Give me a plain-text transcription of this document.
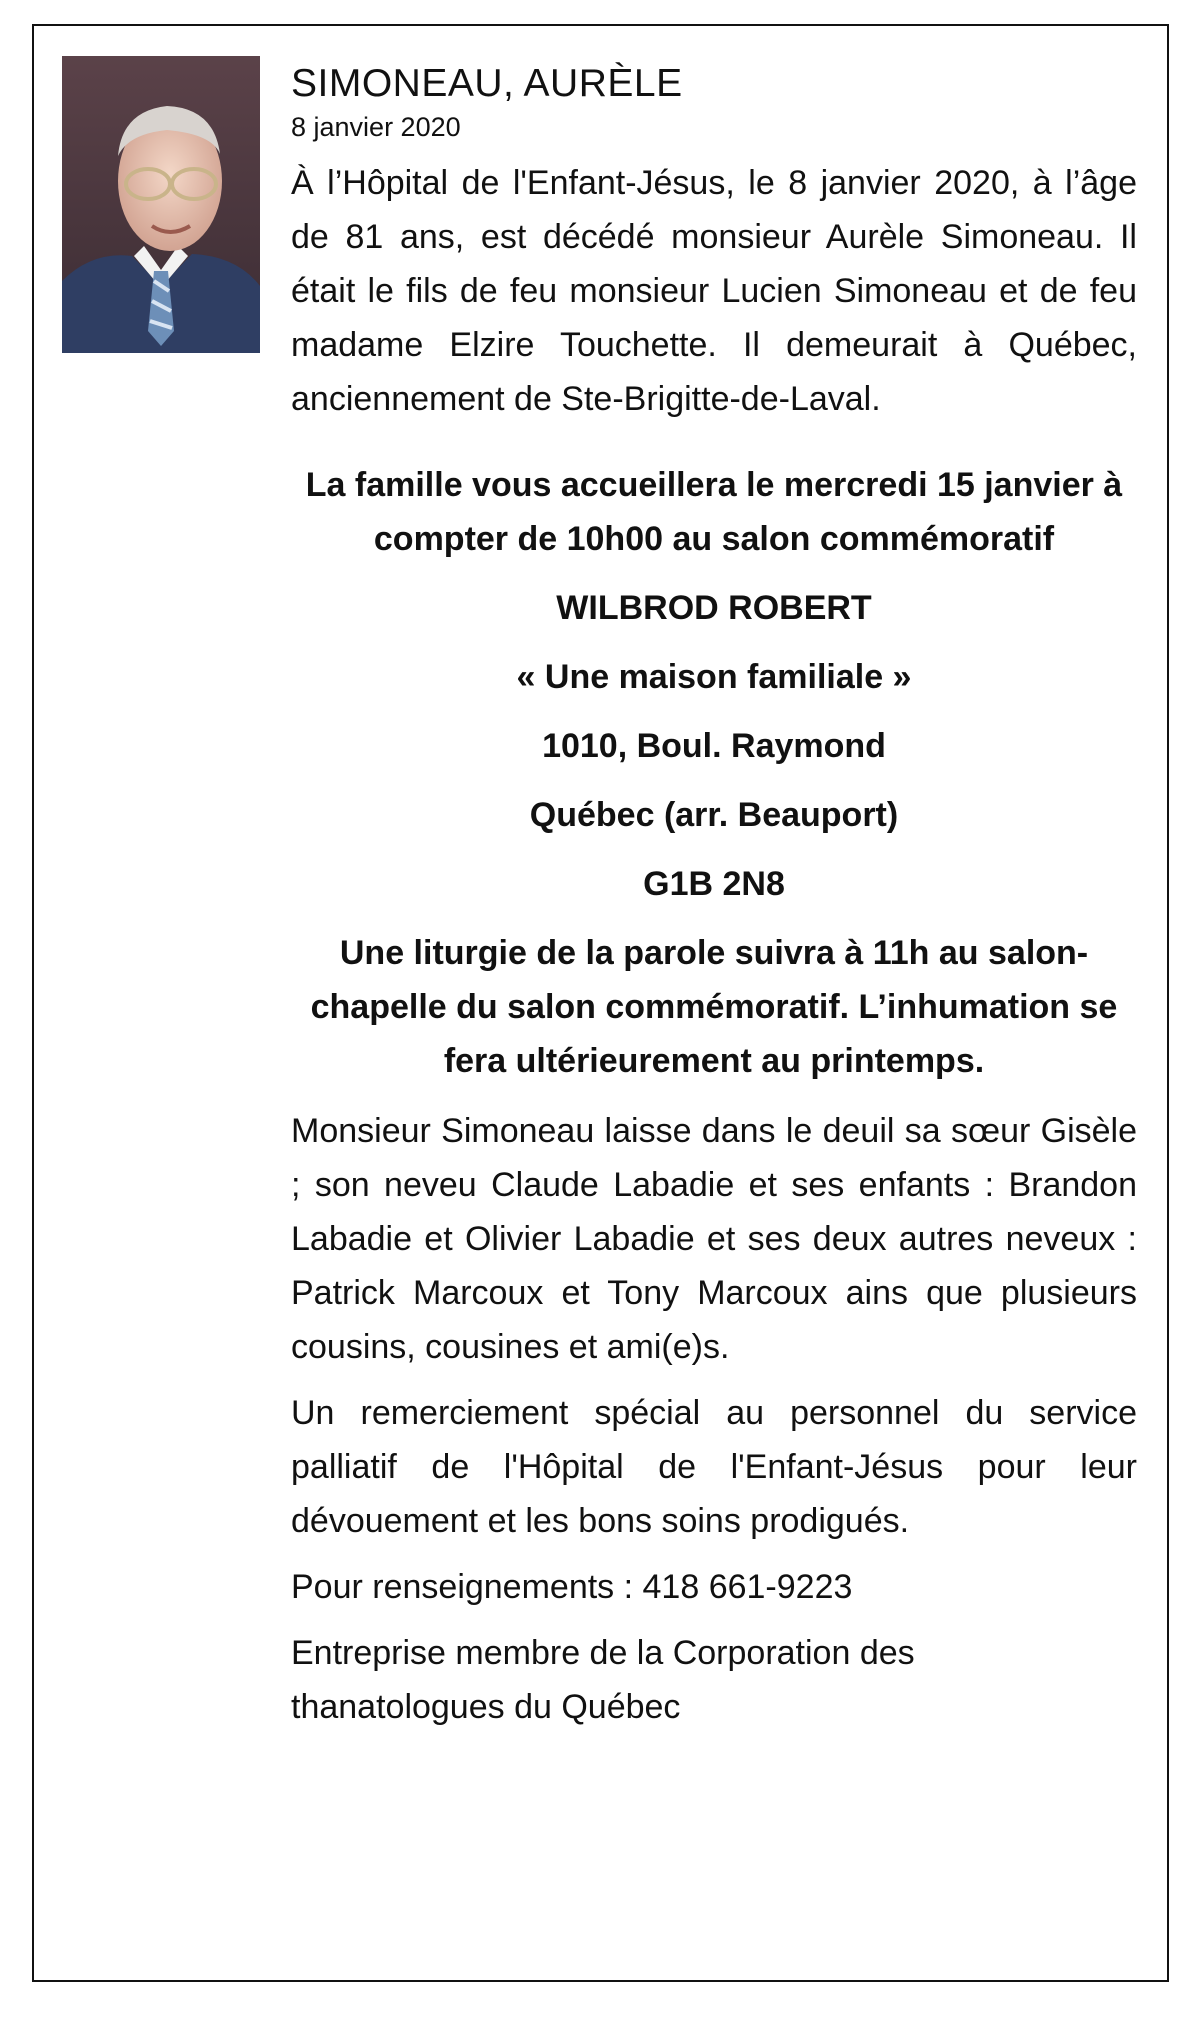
SIMONEAU, AURÈLE

8 janvier 2020

À l’Hôpital de l'Enfant-Jésus, le 8 janvier 2020, à l’âge de 81 ans, est décédé monsieur Aurèle Simoneau. Il était le fils de feu monsieur Lucien Simoneau et de feu madame Elzire Touchette. Il demeurait à Québec, anciennement de Ste-Brigitte-de-Laval.

La famille vous accueillera le mercredi 15 janvier à compter de 10h00 au salon commémoratif

WILBROD ROBERT

« Une maison familiale »

1010, Boul. Raymond

Québec (arr. Beauport)

G1B 2N8

Une liturgie de la parole suivra à 11h au salon-chapelle du salon commémoratif. L’inhumation se fera ultérieurement au printemps.

Monsieur Simoneau laisse dans le deuil sa sœur Gisèle ; son neveu Claude Labadie et ses enfants : Brandon Labadie et Olivier Labadie et ses deux autres neveux : Patrick Marcoux et Tony Marcoux ains que plusieurs cousins, cousines et ami(e)s.

Un remerciement spécial au personnel du service palliatif de l'Hôpital de l'Enfant-Jésus pour leur dévouement et les bons soins prodigués.

Pour renseignements : 418 661-9223

Entreprise membre de la Corporation des thanatologues du Québec
